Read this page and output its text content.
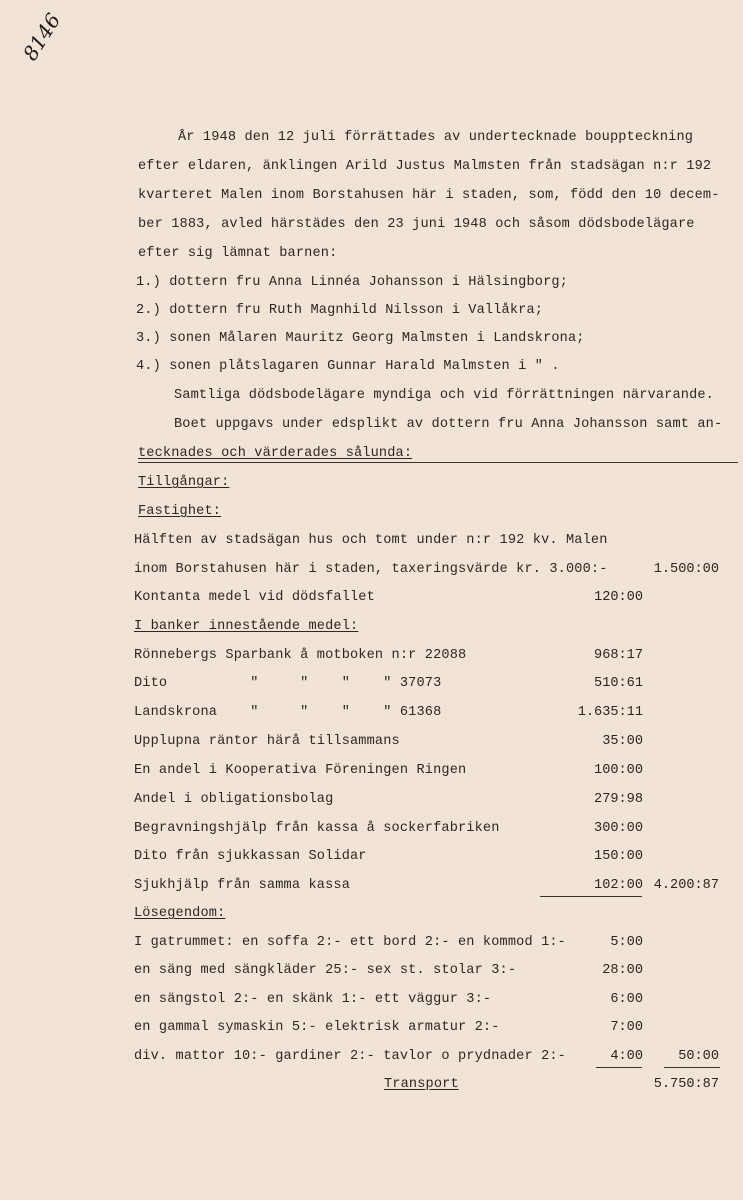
8146
År 1948 den 12 juli förrättades av undertecknade bouppteckning
efter eldaren, änklingen Arild Justus Malmsten från stadsägan n:r 192
kvarteret Malen inom Borstahusen här i staden, som, född den 10 decem-
ber 1883, avled härstädes den 23 juni 1948 och såsom dödsbodelägare
efter sig lämnat barnen:
1.) dottern fru Anna Linnéa Johansson i Hälsingborg;
2.) dottern fru Ruth Magnhild Nilsson i Vallåkra;
3.) sonen Målaren Mauritz Georg Malmsten i Landskrona;
4.) sonen plåtslagaren Gunnar Harald Malmsten i " .
Samtliga dödsbodelägare myndiga och vid förrättningen närvarande.
Boet uppgavs under edsplikt av dottern fru Anna Johansson samt an-
tecknades och värderades sålunda:
Tillgångar:
Fastighet:
Hälften av stadsägan hus och tomt under n:r 192 kv. Malen
inom Borstahusen här i staden, taxeringsvärde kr. 3.000:-	1.500:00
Kontanta medel vid dödsfallet	120:00
I banker innestående medel:
Rönnebergs Sparbank å motboken n:r 22088	968:17
Dito          "     "    "    " 37073	510:61
Landskrona    "     "    "    " 61368	1.635:11
Upplupna räntor härå tillsammans	35:00
En andel i Kooperativa Föreningen Ringen	100:00
Andel i obligationsbolag	279:98
Begravningshjälp från kassa å sockerfabriken	300:00
Dito från sjukkassan Solidar	150:00
Sjukhjälp från samma kassa	102:00 4.200:87
Lösegendom:
I gatrummet: en soffa 2:- ett bord 2:- en kommod 1:-	5:00
en säng med sängkläder 25:- sex st. stolar 3:-	28:00
en sängstol 2:- en skänk 1:- ett väggur 3:-	6:00
en gammal symaskin 5:- elektrisk armatur 2:-	7:00
div. mattor 10:- gardiner 2:- tavlor o prydnader 2:-	4:00	50:00
Transport	5.750:87
